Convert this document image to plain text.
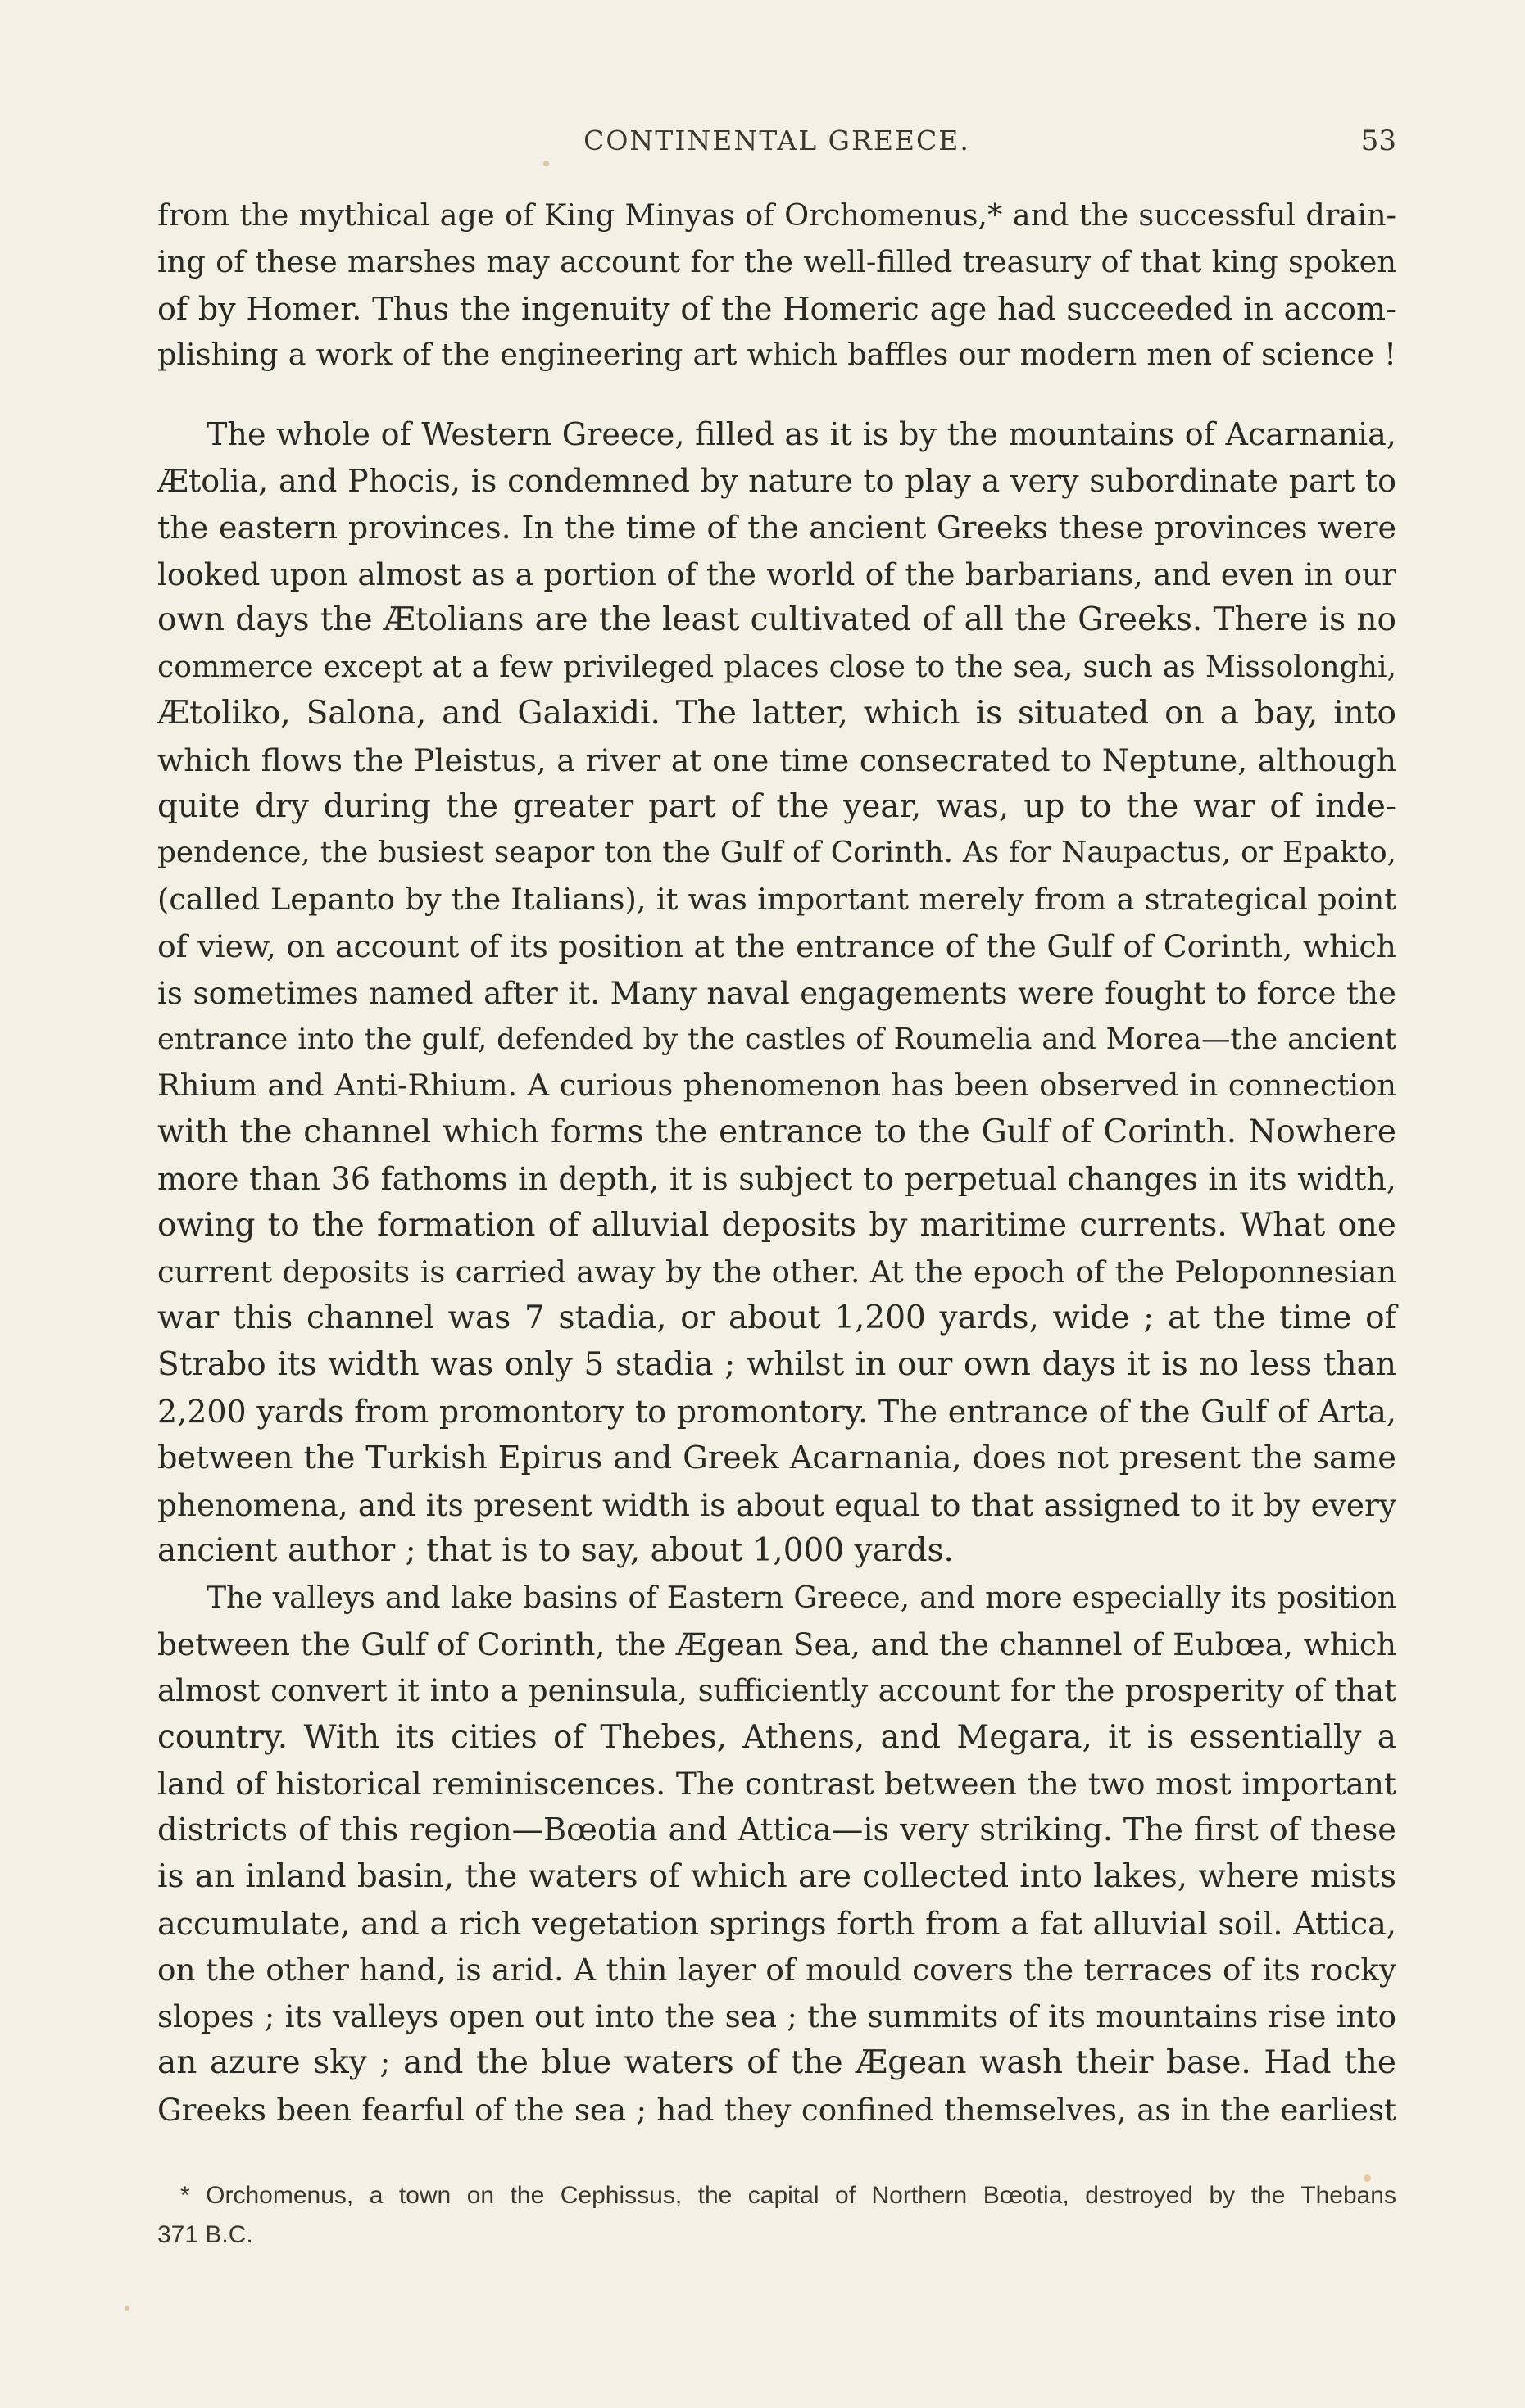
CONTINENTAL GREECE.	53

from the mythical age of King Minyas of Orchomenus,* and the successful drain-
ing of these marshes may account for the well-filled treasury of that king spoken
of by Homer. Thus the ingenuity of the Homeric age had succeeded in accom-
plishing a work of the engineering art which baffles our modern men of science !

The whole of Western Greece, filled as it is by the mountains of Acarnania,
Ætolia, and Phocis, is condemned by nature to play a very subordinate part to
the eastern provinces. In the time of the ancient Greeks these provinces were
looked upon almost as a portion of the world of the barbarians, and even in our
own days the Ætolians are the least cultivated of all the Greeks. There is no
commerce except at a few privileged places close to the sea, such as Missolonghi,
Ætoliko, Salona, and Galaxidi. The latter, which is situated on a bay, into
which flows the Pleistus, a river at one time consecrated to Neptune, although
quite dry during the greater part of the year, was, up to the war of inde-
pendence, the busiest seapor ton the Gulf of Corinth. As for Naupactus, or Epakto,
(called Lepanto by the Italians), it was important merely from a strategical point
of view, on account of its position at the entrance of the Gulf of Corinth, which
is sometimes named after it. Many naval engagements were fought to force the
entrance into the gulf, defended by the castles of Roumelia and Morea—the ancient
Rhium and Anti-Rhium. A curious phenomenon has been observed in connection
with the channel which forms the entrance to the Gulf of Corinth. Nowhere
more than 36 fathoms in depth, it is subject to perpetual changes in its width,
owing to the formation of alluvial deposits by maritime currents. What one
current deposits is carried away by the other. At the epoch of the Peloponnesian
war this channel was 7 stadia, or about 1,200 yards, wide ; at the time of
Strabo its width was only 5 stadia ; whilst in our own days it is no less than
2,200 yards from promontory to promontory. The entrance of the Gulf of Arta,
between the Turkish Epirus and Greek Acarnania, does not present the same
phenomena, and its present width is about equal to that assigned to it by every
ancient author ; that is to say, about 1,000 yards.

The valleys and lake basins of Eastern Greece, and more especially its position
between the Gulf of Corinth, the Ægean Sea, and the channel of Eubœa, which
almost convert it into a peninsula, sufficiently account for the prosperity of that
country. With its cities of Thebes, Athens, and Megara, it is essentially a
land of historical reminiscences. The contrast between the two most important
districts of this region—Bœotia and Attica—is very striking. The first of these
is an inland basin, the waters of which are collected into lakes, where mists
accumulate, and a rich vegetation springs forth from a fat alluvial soil. Attica,
on the other hand, is arid. A thin layer of mould covers the terraces of its rocky
slopes ; its valleys open out into the sea ; the summits of its mountains rise into
an azure sky ; and the blue waters of the Ægean wash their base. Had the
Greeks been fearful of the sea ; had they confined themselves, as in the earliest

* Orchomenus, a town on the Cephissus, the capital of Northern Bœotia, destroyed by the Thebans
371 B.C.
